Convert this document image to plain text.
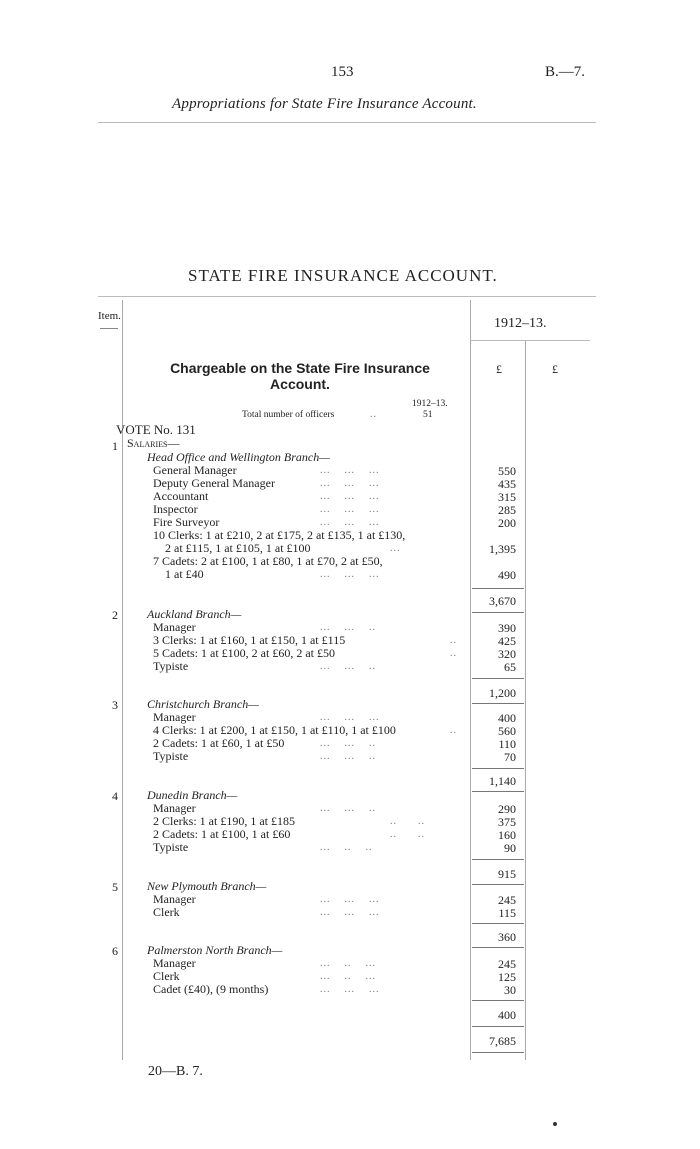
153	B.—7.
Appropriations for State Fire Insurance Account.
STATE FIRE INSURANCE ACCOUNT.
Item.	1912–13.
£	£
Chargeable on the State Fire Insurance
Account.
1912–13.
Total number of officers	..	51
VOTE No. 131
Salaries—
1
Head Office and Wellington Branch—
General Manager	550
Deputy General Manager	435
Accountant	315
Inspector	285
Fire Surveyor	200
10 Clerks: 1 at £210, 2 at £175, 2 at £135, 1 at £130,
2 at £115, 1 at £105, 1 at £100	1,395
7 Cadets: 2 at £100, 1 at £80, 1 at £70, 2 at £50,
1 at £40	490
3,670
2	Auckland Branch—
Manager	390
3 Clerks: 1 at £160, 1 at £150, 1 at £115	425
5 Cadets: 1 at £100, 2 at £60, 2 at £50	320
Typiste	65
1,200
3	Christchurch Branch—
Manager	400
4 Clerks: 1 at £200, 1 at £150, 1 at £110, 1 at £100	560
2 Cadets: 1 at £60, 1 at £50	110
Typiste	70
1,140
4	Dunedin Branch—
Manager	290
2 Clerks: 1 at £190, 1 at £185	375
2 Cadets: 1 at £100, 1 at £60	160
Typiste	90
915
5	New Plymouth Branch—
Manager	245
Clerk	115
360
6	Palmerston North Branch—
Manager	245
Clerk	125
Cadet (£40), (9 months)	30
400
7,685
20—B. 7.
...    ...    ...
...    ...    ...
...    ...    ...
...    ...    ...
...    ...    ...
...
...    ...    ...
...    ...    ..
..
..
...    ...    ..
...    ...    ...
..
...    ...    ..
...    ...    ..
...    ...    ..
..      ..
..      ..
...    ..    ..
...    ...    ...
...    ...    ...
...    ..    ...
...    ..    ...
...    ...    ...
